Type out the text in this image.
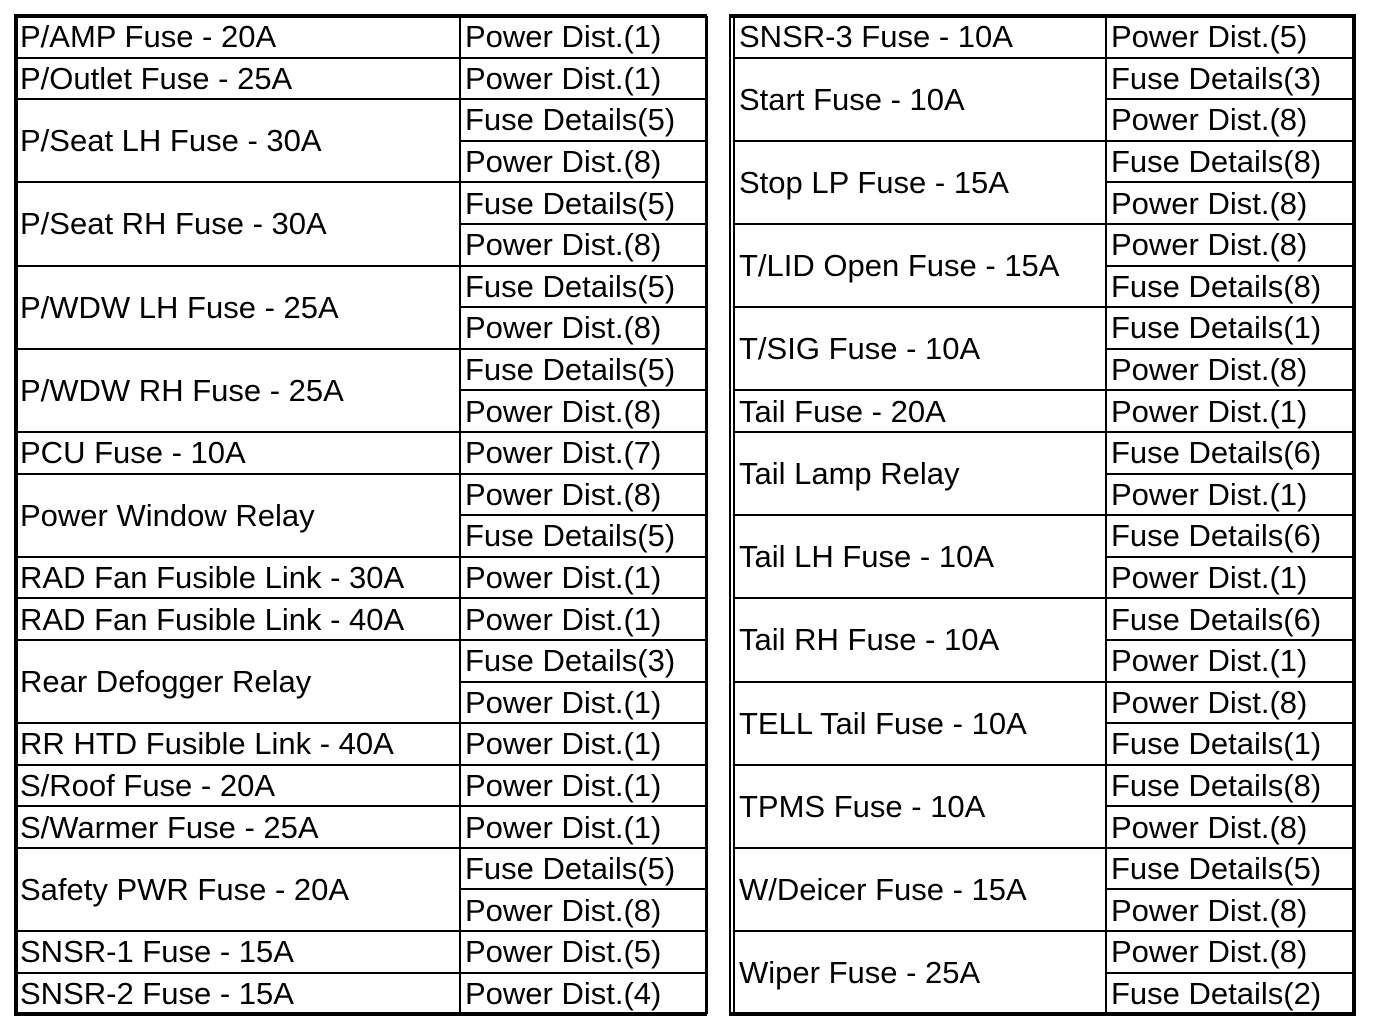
P/AMP Fuse - 20A	Power Dist.(1)
P/Outlet Fuse - 25A	Power Dist.(1)
P/Seat LH Fuse - 30A	Fuse Details(5)
	Power Dist.(8)
P/Seat RH Fuse - 30A	Fuse Details(5)
	Power Dist.(8)
P/WDW LH Fuse - 25A	Fuse Details(5)
	Power Dist.(8)
P/WDW RH Fuse - 25A	Fuse Details(5)
	Power Dist.(8)
PCU Fuse - 10A	Power Dist.(7)
Power Window Relay	Power Dist.(8)
	Fuse Details(5)
RAD Fan Fusible Link - 30A	Power Dist.(1)
RAD Fan Fusible Link - 40A	Power Dist.(1)
Rear Defogger Relay	Fuse Details(3)
	Power Dist.(1)
RR HTD Fusible Link - 40A	Power Dist.(1)
S/Roof Fuse - 20A	Power Dist.(1)
S/Warmer Fuse - 25A	Power Dist.(1)
Safety PWR Fuse - 20A	Fuse Details(5)
	Power Dist.(8)
SNSR-1 Fuse - 15A	Power Dist.(5)
SNSR-2 Fuse - 15A	Power Dist.(4)
SNSR-3 Fuse - 10A	Power Dist.(5)
Start Fuse - 10A	Fuse Details(3)
	Power Dist.(8)
Stop LP Fuse - 15A	Fuse Details(8)
	Power Dist.(8)
T/LID Open Fuse - 15A	Power Dist.(8)
	Fuse Details(8)
T/SIG Fuse - 10A	Fuse Details(1)
	Power Dist.(8)
Tail Fuse - 20A	Power Dist.(1)
Tail Lamp Relay	Fuse Details(6)
	Power Dist.(1)
Tail LH Fuse - 10A	Fuse Details(6)
	Power Dist.(1)
Tail RH Fuse - 10A	Fuse Details(6)
	Power Dist.(1)
TELL Tail Fuse - 10A	Power Dist.(8)
	Fuse Details(1)
TPMS Fuse - 10A	Fuse Details(8)
	Power Dist.(8)
W/Deicer Fuse - 15A	Fuse Details(5)
	Power Dist.(8)
Wiper Fuse - 25A	Power Dist.(8)
	Fuse Details(2)
